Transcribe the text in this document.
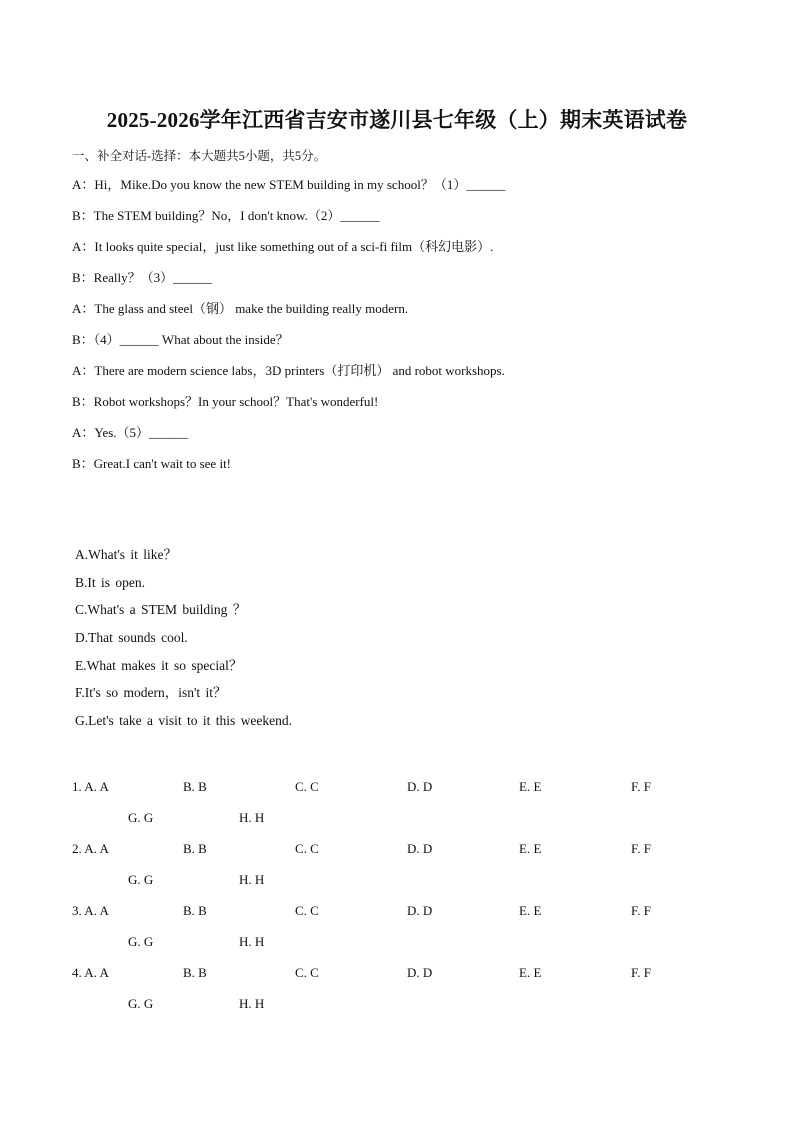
2025-2026学年江西省吉安市遂川县七年级（上）期末英语试卷
一、补全对话-选择：本大题共5小题，共5分。
A：Hi，Mike.Do you know the new STEM building in my school？（1）______
B：The STEM building？No，I don't know.（2）______
A：It looks quite special，just like something out of a sci-fi film（科幻电影）.
B：Really？（3）______
A：The glass and steel（钢） make the building really modern.
B：（4）______ What about the inside？
A：There are modern science labs，3D printers（打印机） and robot workshops.
B：Robot workshops？In your school？That's wonderful!
A：Yes.（5）______
B：Great.I can't wait to see it!
A.What's it like？
B.It is open.
C.What's a STEM building ？
D.That sounds cool.
E.What makes it so special？
F.It's so modern，isn't it？
G.Let's take a visit to it this weekend.
1. A. A	B. B	C. C	D. D	E. E	F. F
G. G	H. H
2. A. A	B. B	C. C	D. D	E. E	F. F
G. G	H. H
3. A. A	B. B	C. C	D. D	E. E	F. F
G. G	H. H
4. A. A	B. B	C. C	D. D	E. E	F. F
G. G	H. H
